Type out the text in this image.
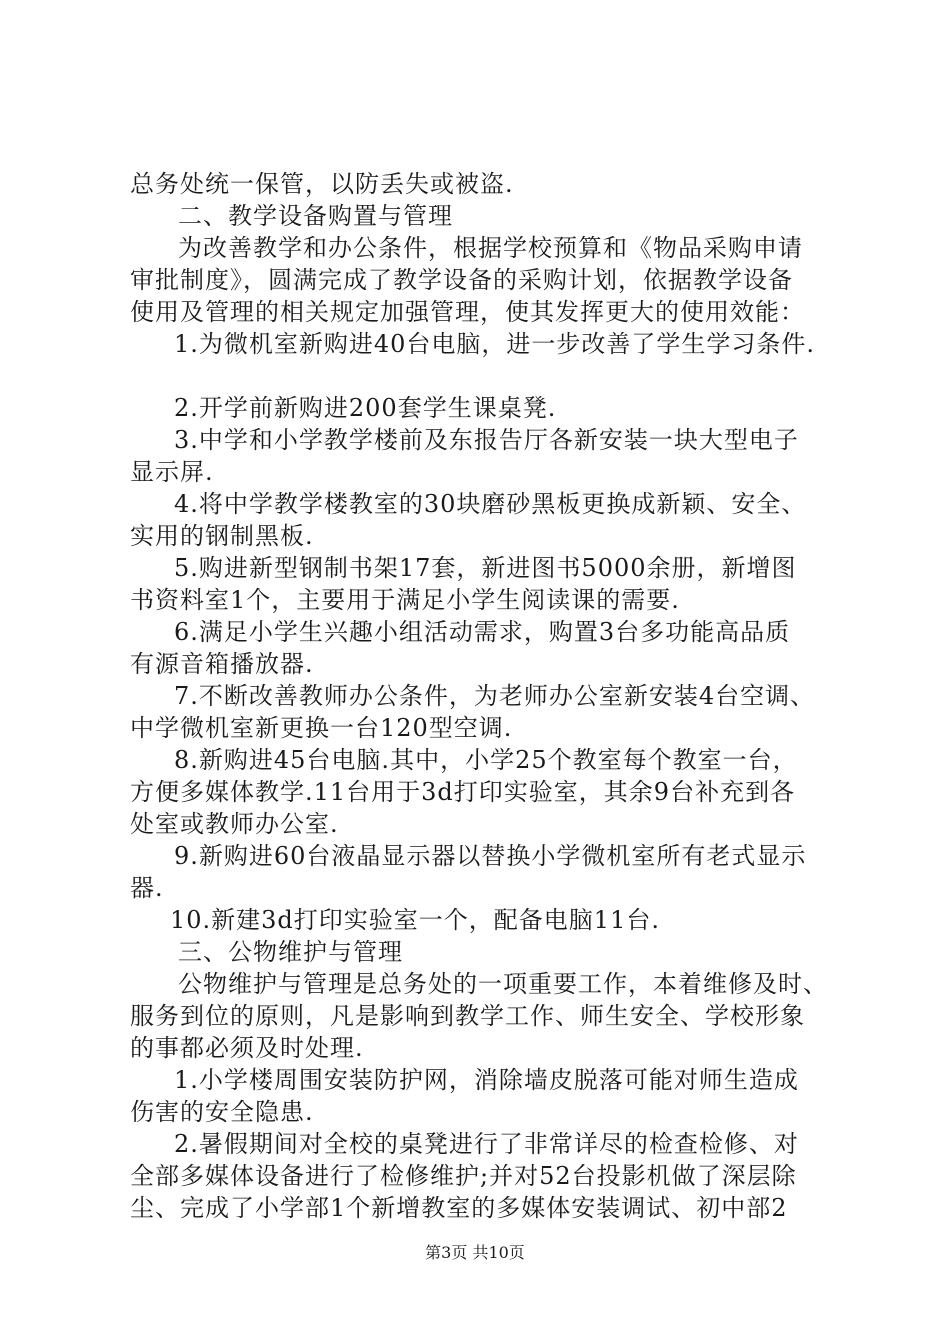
总务处统一保管，以防丢失或被盗.
二、教学设备购置与管理
为改善教学和办公条件，根据学校预算和《物品采购申请
审批制度》，圆满完成了教学设备的采购计划，依据教学设备
使用及管理的相关规定加强管理，使其发挥更大的使用效能：
1.为微机室新购进40台电脑，进一步改善了学生学习条件.
2.开学前新购进200套学生课桌凳.
3.中学和小学教学楼前及东报告厅各新安装一块大型电子
显示屏.
4.将中学教学楼教室的30块磨砂黑板更换成新颖、安全、
实用的钢制黑板.
5.购进新型钢制书架17套，新进图书5000余册，新增图
书资料室1个，主要用于满足小学生阅读课的需要.
6.满足小学生兴趣小组活动需求，购置3台多功能高品质
有源音箱播放器.
7.不断改善教师办公条件，为老师办公室新安装4台空调、
中学微机室新更换一台120型空调.
8.新购进45台电脑.其中，小学25个教室每个教室一台，
方便多媒体教学.11台用于3d打印实验室，其余9台补充到各
处室或教师办公室.
9.新购进60台液晶显示器以替换小学微机室所有老式显示
器.
10.新建3d打印实验室一个，配备电脑11台.
三、公物维护与管理
公物维护与管理是总务处的一项重要工作，本着维修及时、
服务到位的原则，凡是影响到教学工作、师生安全、学校形象
的事都必须及时处理.
1.小学楼周围安装防护网，消除墙皮脱落可能对师生造成
伤害的安全隐患.
2.暑假期间对全校的桌凳进行了非常详尽的检查检修、对
全部多媒体设备进行了检修维护;并对52台投影机做了深层除
尘、完成了小学部1个新增教室的多媒体安装调试、初中部2
第3页 共10页
